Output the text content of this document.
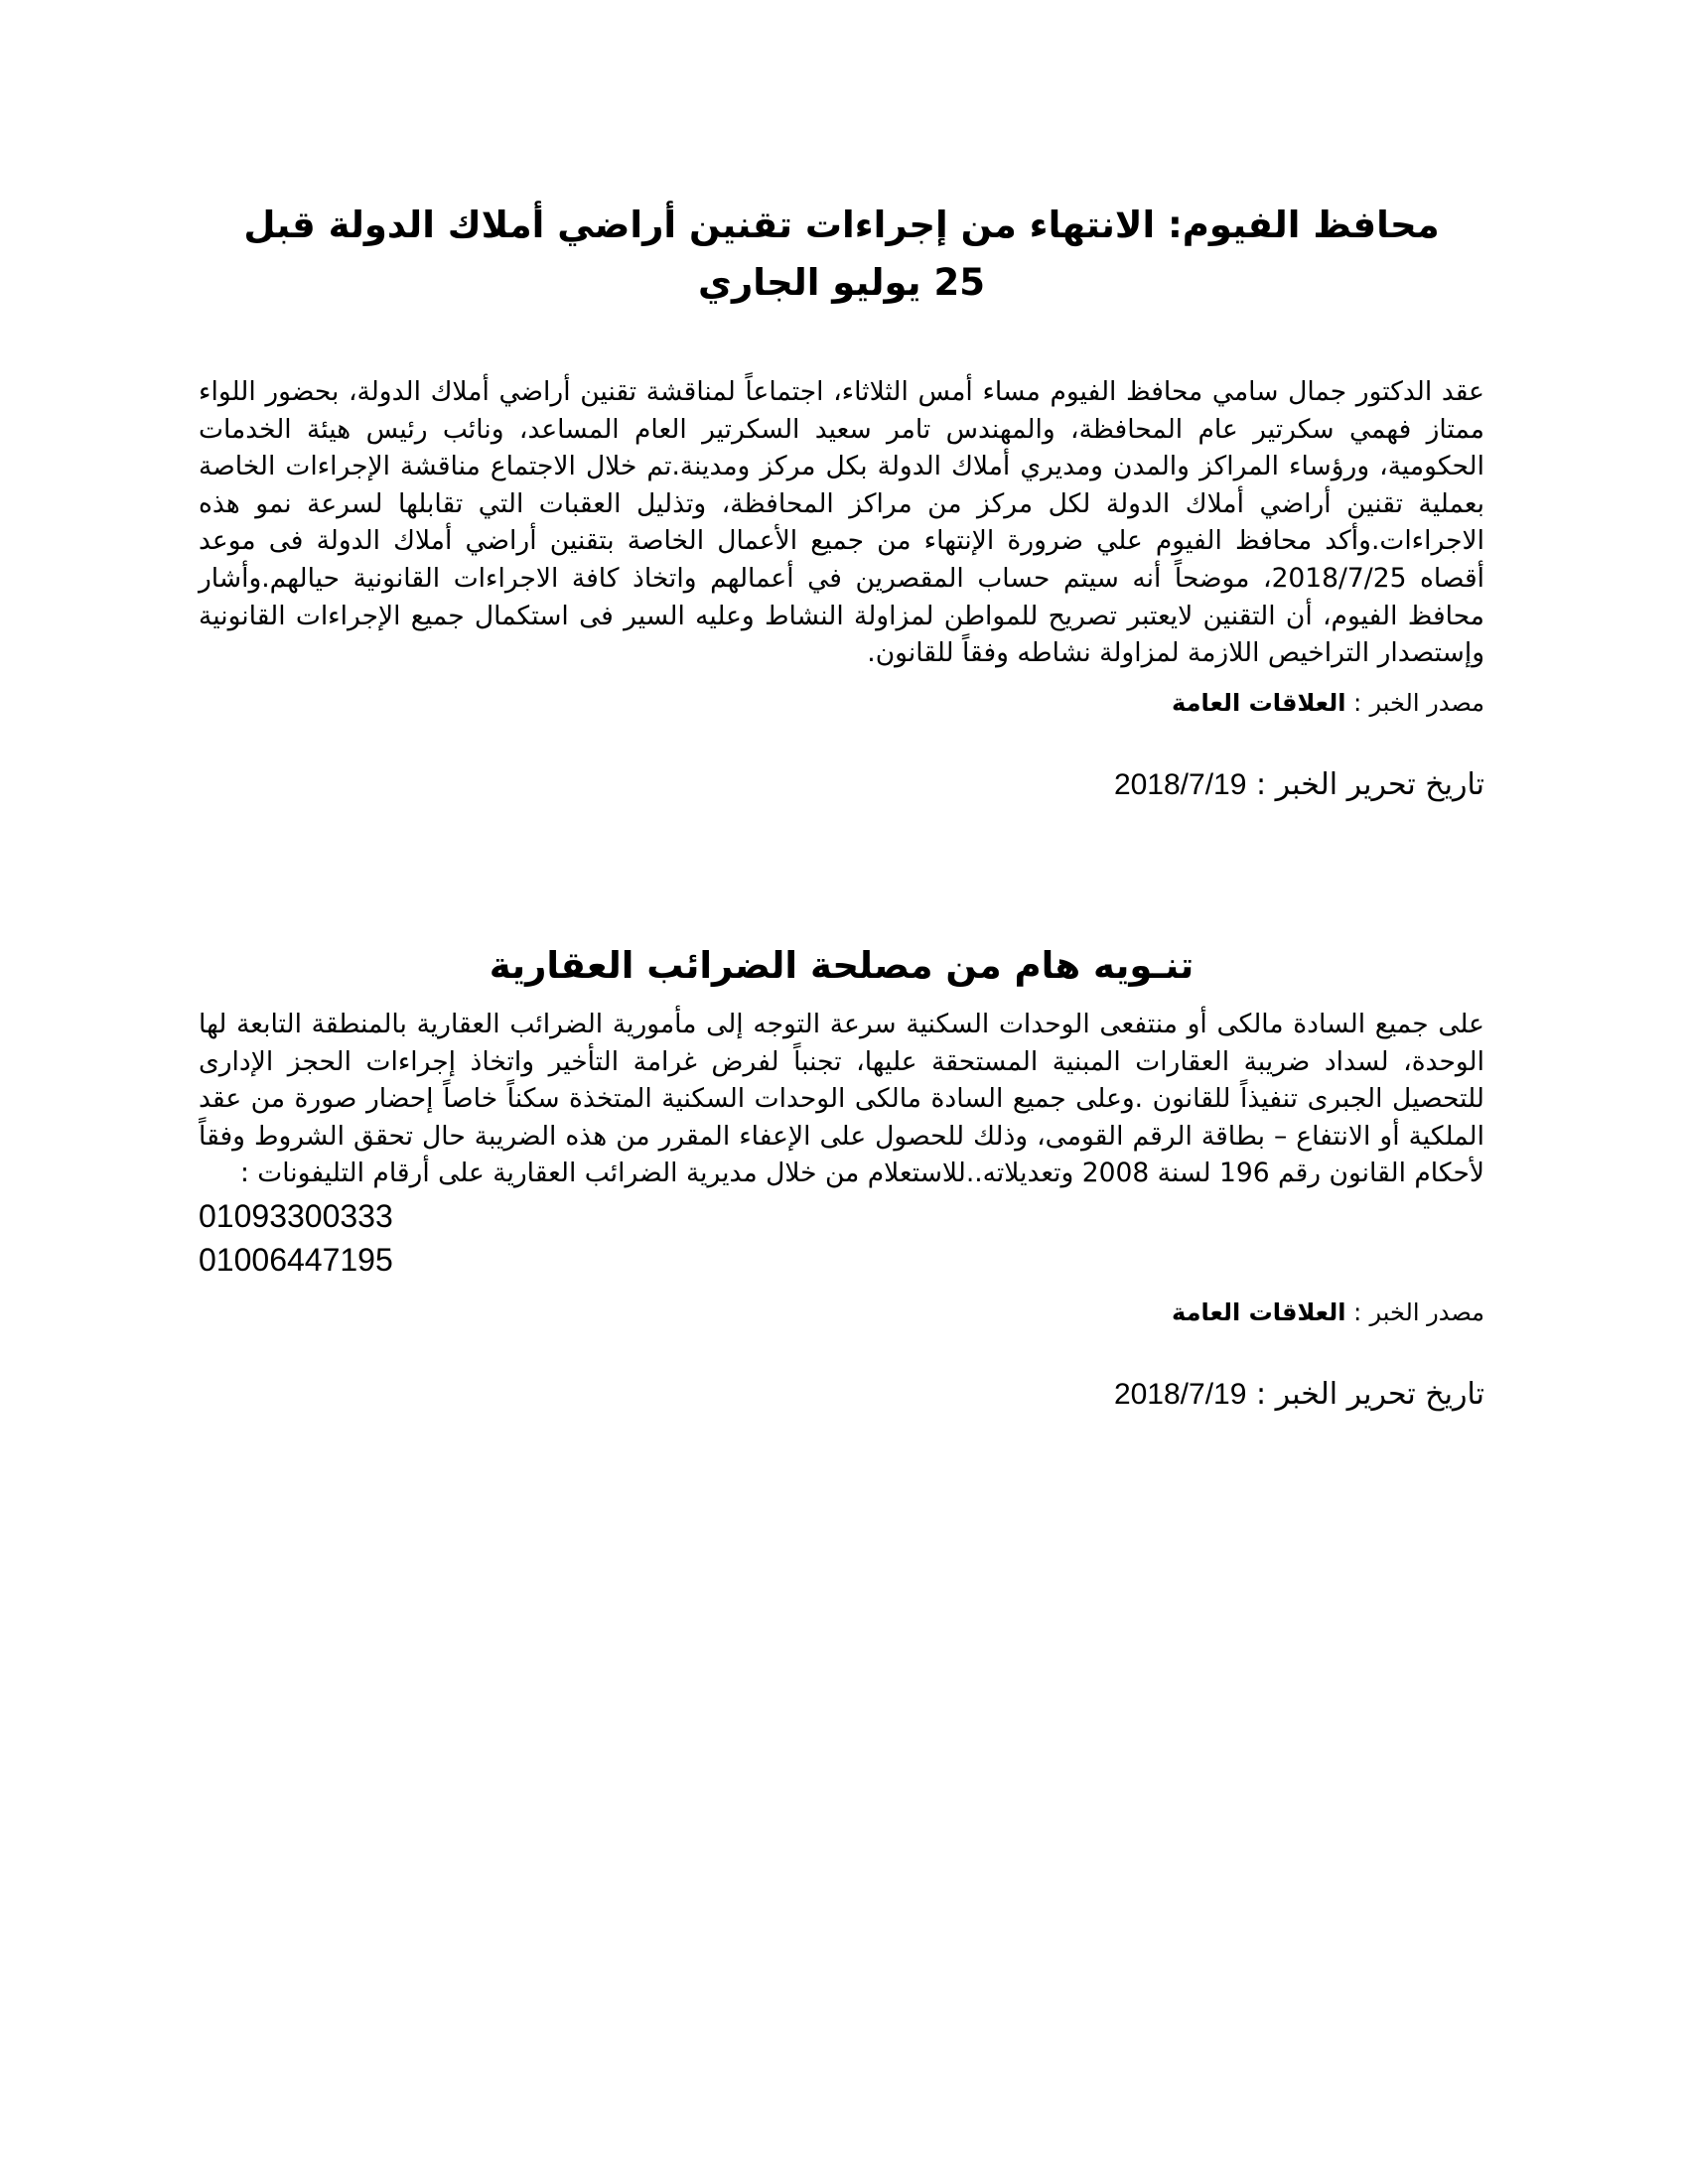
محافظ الفيوم: الانتهاء من إجراءات تقنين أراضي أملاك الدولة قبل 25 يوليو الجاري

عقد الدكتور جمال سامي محافظ الفيوم مساء أمس الثلاثاء، اجتماعاً لمناقشة تقنين أراضي أملاك الدولة، بحضور اللواء ممتاز فهمي سكرتير عام المحافظة، والمهندس تامر سعيد السكرتير العام المساعد، ونائب رئيس هيئة الخدمات الحكومية، ورؤساء المراكز والمدن ومديري أملاك الدولة بكل مركز ومدينة.تم خلال الاجتماع مناقشة الإجراءات الخاصة بعملية تقنين أراضي أملاك الدولة لكل مركز من مراكز المحافظة، وتذليل العقبات التي تقابلها لسرعة نمو هذه الاجراءات.وأكد محافظ الفيوم علي ضرورة الإنتهاء من جميع الأعمال الخاصة بتقنين أراضي أملاك الدولة فى موعد أقصاه 2018/7/25، موضحاً أنه سيتم حساب المقصرين في أعمالهم واتخاذ كافة الاجراءات القانونية حيالهم.وأشار محافظ الفيوم، أن التقنين لايعتبر تصريح للمواطن لمزاولة النشاط وعليه السير فى استكمال جميع الإجراءات القانونية وإستصدار التراخيص اللازمة لمزاولة نشاطه وفقاً للقانون.

مصدر الخبر : العلاقات العامة

تاريخ تحرير الخبر : 2018/7/19

تنـويه هام من مصلحة الضرائب العقارية

على جميع السادة مالكى أو منتفعى الوحدات السكنية سرعة التوجه إلى مأمورية الضرائب العقارية بالمنطقة التابعة لها الوحدة، لسداد ضريبة العقارات المبنية المستحقة عليها، تجنباً لفرض غرامة التأخير واتخاذ إجراءات الحجز الإدارى للتحصيل الجبرى تنفيذاً للقانون .وعلى جميع السادة مالكى الوحدات السكنية المتخذة سكناً خاصاً إحضار صورة من عقد الملكية أو الانتفاع – بطاقة الرقم القومى، وذلك للحصول على الإعفاء المقرر من هذه الضريبة حال تحقق الشروط وفقاً لأحكام القانون رقم 196 لسنة 2008 وتعديلاته..للاستعلام من خلال مديرية الضرائب العقارية على أرقام التليفونات :

01093300333
01006447195

مصدر الخبر : العلاقات العامة

تاريخ تحرير الخبر : 2018/7/19
